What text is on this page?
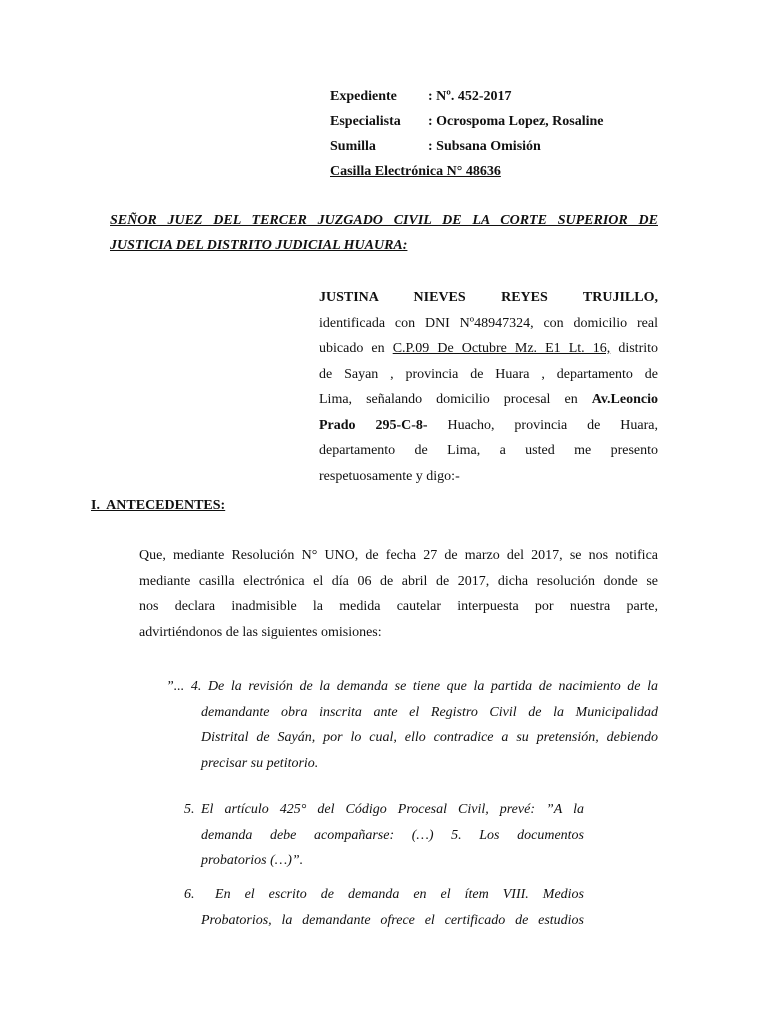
Expediente	: Nº. 452-2017
Especialista	: Ocrospoma Lopez, Rosaline
Sumilla	: Subsana Omisión
Casilla Electrónica N° 48636
SEÑOR JUEZ DEL TERCER JUZGADO CIVIL DE LA CORTE SUPERIOR DE
JUSTICIA DEL DISTRITO JUDICIAL HUAURA:
JUSTINA NIEVES REYES TRUJILLO,
identificada con DNI Nº48947324, con domicilio real
ubicado en C.P.09 De Octubre Mz. E1 Lt. 16, distrito
de Sayan , provincia de Huara , departamento de
Lima, señalando domicilio procesal en Av.Leoncio
Prado 295-C-8- Huacho, provincia de Huara,
departamento de Lima, a usted me presento
respetuosamente y digo:-
I.  ANTECEDENTES:
Que, mediante Resolución N° UNO, de fecha 27 de marzo del 2017, se nos notifica
mediante casilla electrónica el día 06 de abril de 2017, dicha resolución donde se
nos declara inadmisible la medida cautelar interpuesta por nuestra parte,
advirtiéndonos de las siguientes omisiones:
”... 4. De la revisión de la demanda se tiene que la partida de nacimiento de la
demandante obra inscrita ante el Registro Civil de la Municipalidad
Distrital de Sayán, por lo cual, ello contradice a su pretensión, debiendo
precisar su petitorio.
5. El artículo 425° del Código Procesal Civil, prevé: ”A la
demanda debe acompañarse: (…) 5. Los documentos
probatorios (…)”.
6. En el escrito de demanda en el ítem VIII. Medios
Probatorios, la demandante ofrece el certificado de estudios
